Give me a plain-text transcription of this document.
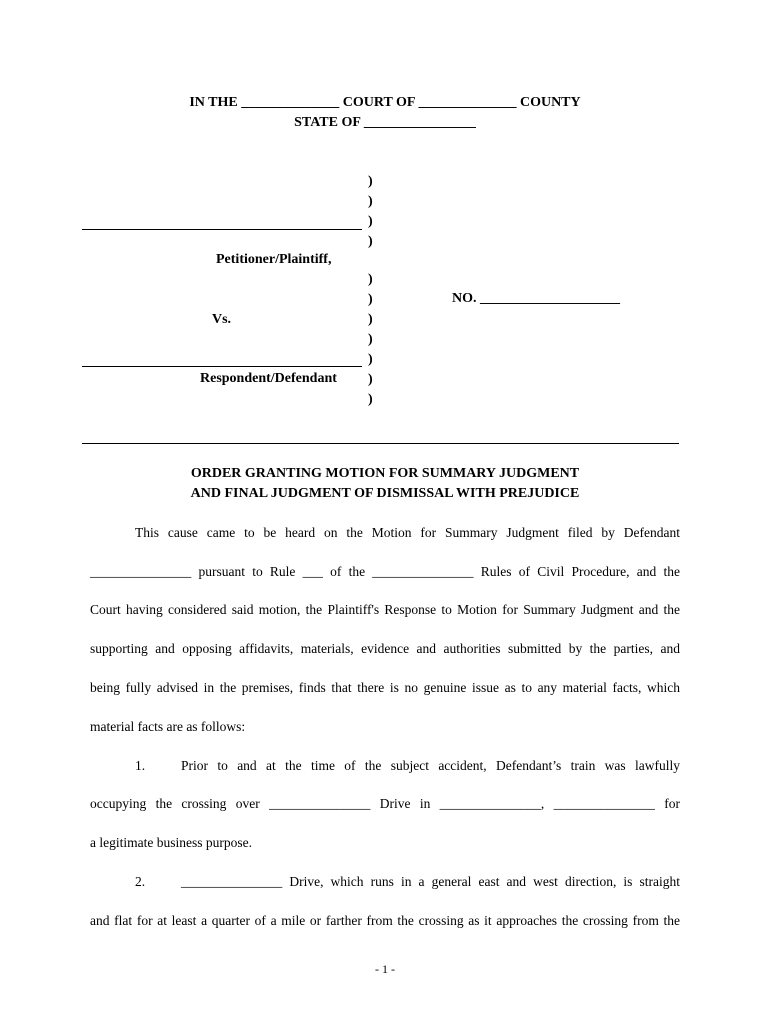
IN THE ______________ COURT OF ______________ COUNTY
STATE OF ________________
)
)
)
)
)
)
)
)
)
)
)
Petitioner/Plaintiff,
Vs.
Respondent/Defendant
NO. ____________________
ORDER GRANTING MOTION FOR SUMMARY JUDGMENT
AND FINAL JUDGMENT OF DISMISSAL WITH PREJUDICE
This cause came to be heard on the Motion for Summary Judgment filed by Defendant
_______________ pursuant to Rule ___ of the _______________ Rules of Civil Procedure, and the
Court having considered said motion, the Plaintiff's Response to Motion for Summary Judgment and the
supporting and opposing affidavits, materials, evidence and authorities submitted by the parties, and
being fully advised in the premises, finds that there is no genuine issue as to any material facts, which
material facts are as follows:
1.	Prior to and at the time of the subject accident, Defendant’s train was lawfully
occupying the crossing over _______________ Drive in _______________, _______________ for
a legitimate business purpose.
2.	_______________ Drive, which runs in a general east and west direction, is straight
and flat for at least a quarter of a mile or farther from the crossing as it approaches the crossing from the
- 1 -
